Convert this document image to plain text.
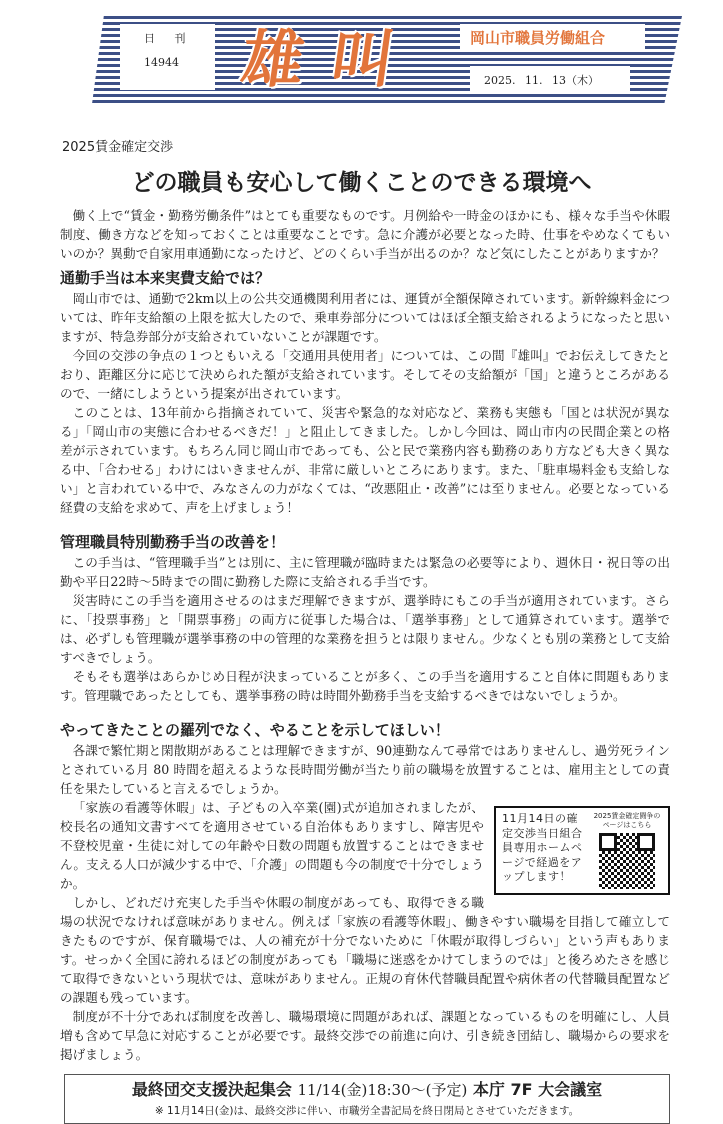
日 刊
14944 雄叫	岡山市職員労働組合
2025. 11. 13（木）
2025賃金確定交渉
どの職員も安心して働くことのできる環境へ

働く上で“賃金・勤務労働条件”はとても重要なものです。月例給や一時金のほかにも、様々な手当や休暇制度、働き方などを知っておくことは重要なことです。急に介護が必要となった時、仕事をやめなくてもいいのか？異動で自家用車通勤になったけど、どのくらい手当が出るのか？など気にしたことがありますか？

通勤手当は本来実費支給では？

岡山市では、通勤で2km以上の公共交通機関利用者には、運賃が全額保障されています。新幹線料金については、昨年支給額の上限を拡大したので、乗車券部分についてはほぼ全額支給されるようになったと思いますが、特急券部分が支給されていないことが課題です。

今回の交渉の争点の１つともいえる「交通用具使用者」については、この間『雄叫』でお伝えしてきたとおり、距離区分に応じて決められた額が支給されています。そしてその支給額が「国」と違うところがあるので、一緒にしようという提案が出されています。

このことは、13年前から指摘されていて、災害や緊急的な対応など、業務も実態も「国とは状況が異なる」「岡山市の実態に合わせるべきだ！」と阻止してきました。しかし今回は、岡山市内の民間企業との格差が示されています。もちろん同じ岡山市であっても、公と民で業務内容も勤務のあり方なども大きく異なる中、「合わせる」わけにはいきませんが、非常に厳しいところにあります。また、「駐車場料金も支給しない」と言われている中で、みなさんの力がなくては、“改悪阻止・改善”には至りません。必要となっている経費の支給を求めて、声を上げましょう！

管理職員特別勤務手当の改善を！

この手当は、“管理職手当”とは別に、主に管理職が臨時または緊急の必要等により、週休日・祝日等の出勤や平日22時～5時までの間に勤務した際に支給される手当です。

災害時にこの手当を適用させるのはまだ理解できますが、選挙時にもこの手当が適用されています。さらに、「投票事務」と「開票事務」の両方に従事した場合は、「選挙事務」として通算されています。選挙では、必ずしも管理職が選挙事務の中の管理的な業務を担うとは限りません。少なくとも別の業務として支給すべきでしょう。

そもそも選挙はあらかじめ日程が決まっていることが多く、この手当を適用すること自体に問題もあります。管理職であったとしても、選挙事務の時は時間外勤務手当を支給するべきではないでしょうか。

やってきたことの羅列でなく、やることを示してほしい！

各課で繁忙期と閑散期があることは理解できますが、90連勤なんて尋常ではありませんし、過労死ラインとされている月 80 時間を超えるような長時間労働が当たり前の職場を放置することは、雇用主としての責任を果たしていると言えるでしょうか。

11月14日の確定交渉当日組合員専用ホームページで経過をアップします！
2025賃金確定闘争のページはこちら

「家族の看護等休暇」は、子どもの入卒業(園)式が追加されましたが、校長名の通知文書すべてを適用させている自治体もありますし、障害児や不登校児童・生徒に対しての年齢や日数の問題も放置することはできません。支える人口が減少する中で、「介護」の問題も今の制度で十分でしょうか。

しかし、どれだけ充実した手当や休暇の制度があっても、取得できる職場の状況でなければ意味がありません。例えば「家族の看護等休暇」、働きやすい職場を目指して確立してきたものですが、保育職場では、人の補充が十分でないために「休暇が取得しづらい」という声もあります。せっかく全国に誇れるほどの制度があっても「職場に迷惑をかけてしまうのでは」と後ろめたさを感じて取得できないという現状では、意味がありません。正規の育休代替職員配置や病休者の代替職員配置などの課題も残っています。

制度が不十分であれば制度を改善し、職場環境に問題があれば、課題となっているものを明確にし、人員増も含めて早急に対応することが必要です。最終交渉での前進に向け、引き続き団結し、職場からの要求を掲げましょう。

最終団交支援決起集会 11/14(金)18:30～(予定) 本庁 7F 大会議室
※ 11月14日(金)は、最終交渉に伴い、市職労全書記局を終日閉局とさせていただきます。
